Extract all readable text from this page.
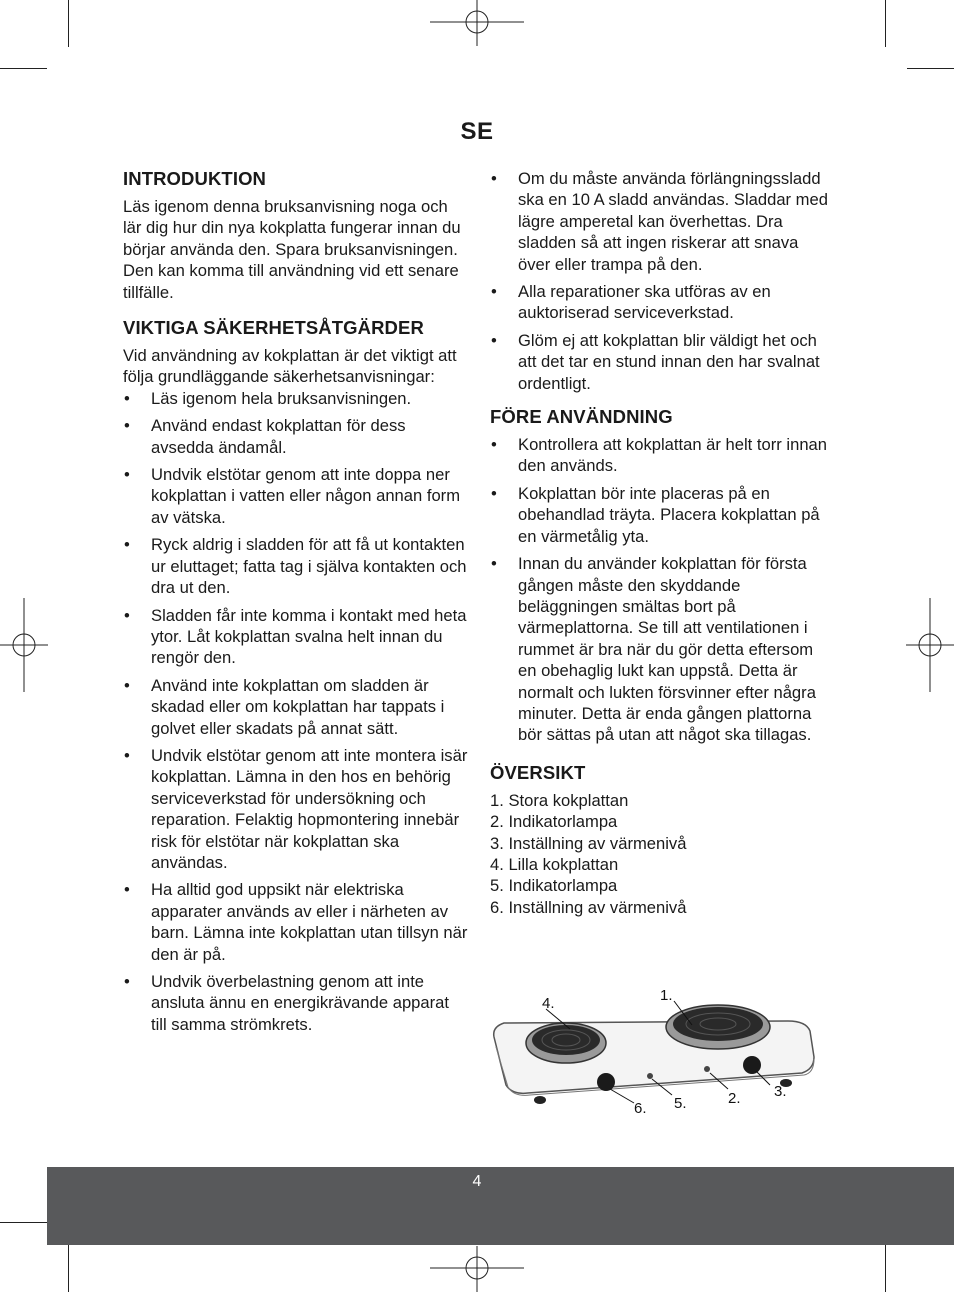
SE
INTRODUKTION

Läs igenom denna bruksanvisning noga och lär dig hur din nya kokplatta fungerar innan du börjar använda den. Spara bruksanvisningen. Den kan komma till användning vid ett senare tillfälle.

VIKTIGA SÄKERHETSÅTGÄRDER

Vid användning av kokplattan är det viktigt att följa grundläggande säkerhetsanvisningar:

• Läs igenom hela bruksanvisningen.
• Använd endast kokplattan för dess avsedda ändamål.
• Undvik elstötar genom att inte doppa ner kokplattan i vatten eller någon annan form av vätska.
• Ryck aldrig i sladden för att få ut kontakten ur eluttaget; fatta tag i själva kontakten och dra ut den.
• Sladden får inte komma i kontakt med heta ytor. Låt kokplattan svalna helt innan du rengör den.
• Använd inte kokplattan om sladden är skadad eller om kokplattan har tappats i golvet eller skadats på annat sätt.
• Undvik elstötar genom att inte montera isär kokplattan. Lämna in den hos en behörig serviceverkstad för undersökning och reparation. Felaktig hopmontering innebär risk för elstötar när kokplattan ska användas.
• Ha alltid god uppsikt när elektriska apparater används av eller i närheten av barn. Lämna inte kokplattan utan tillsyn när den är på.
• Undvik överbelastning genom att inte ansluta ännu en energikrävande apparat till samma strömkrets.
• Om du måste använda förlängningssladd ska en 10 A sladd användas. Sladdar med lägre amperetal kan överhettas. Dra sladden så att ingen riskerar att snava över eller trampa på den.
• Alla reparationer ska utföras av en auktoriserad serviceverkstad.
• Glöm ej att kokplattan blir väldigt het och att det tar en stund innan den har svalnat ordentligt.
FÖRE ANVÄNDNING
• Kontrollera att kokplattan är helt torr innan den används.
• Kokplattan bör inte placeras på en obehandlad träyta. Placera kokplattan på en värmetålig yta.
• Innan du använder kokplattan för första gången måste den skyddande beläggningen smältas bort på värmeplattorna. Se till att ventilationen i rummet är bra när du gör detta eftersom en obehaglig lukt kan uppstå. Detta är normalt och lukten försvinner efter några minuter. Detta är enda gången plattorna bör sättas på utan att något ska tillagas.
ÖVERSIKT
1. Stora kokplattan
2. Indikatorlampa
3. Inställning av värmenivå
4. Lilla kokplattan
5. Indikatorlampa
6. Inställning av värmenivå
4.	1.
3.
2.
5.
6.
4
